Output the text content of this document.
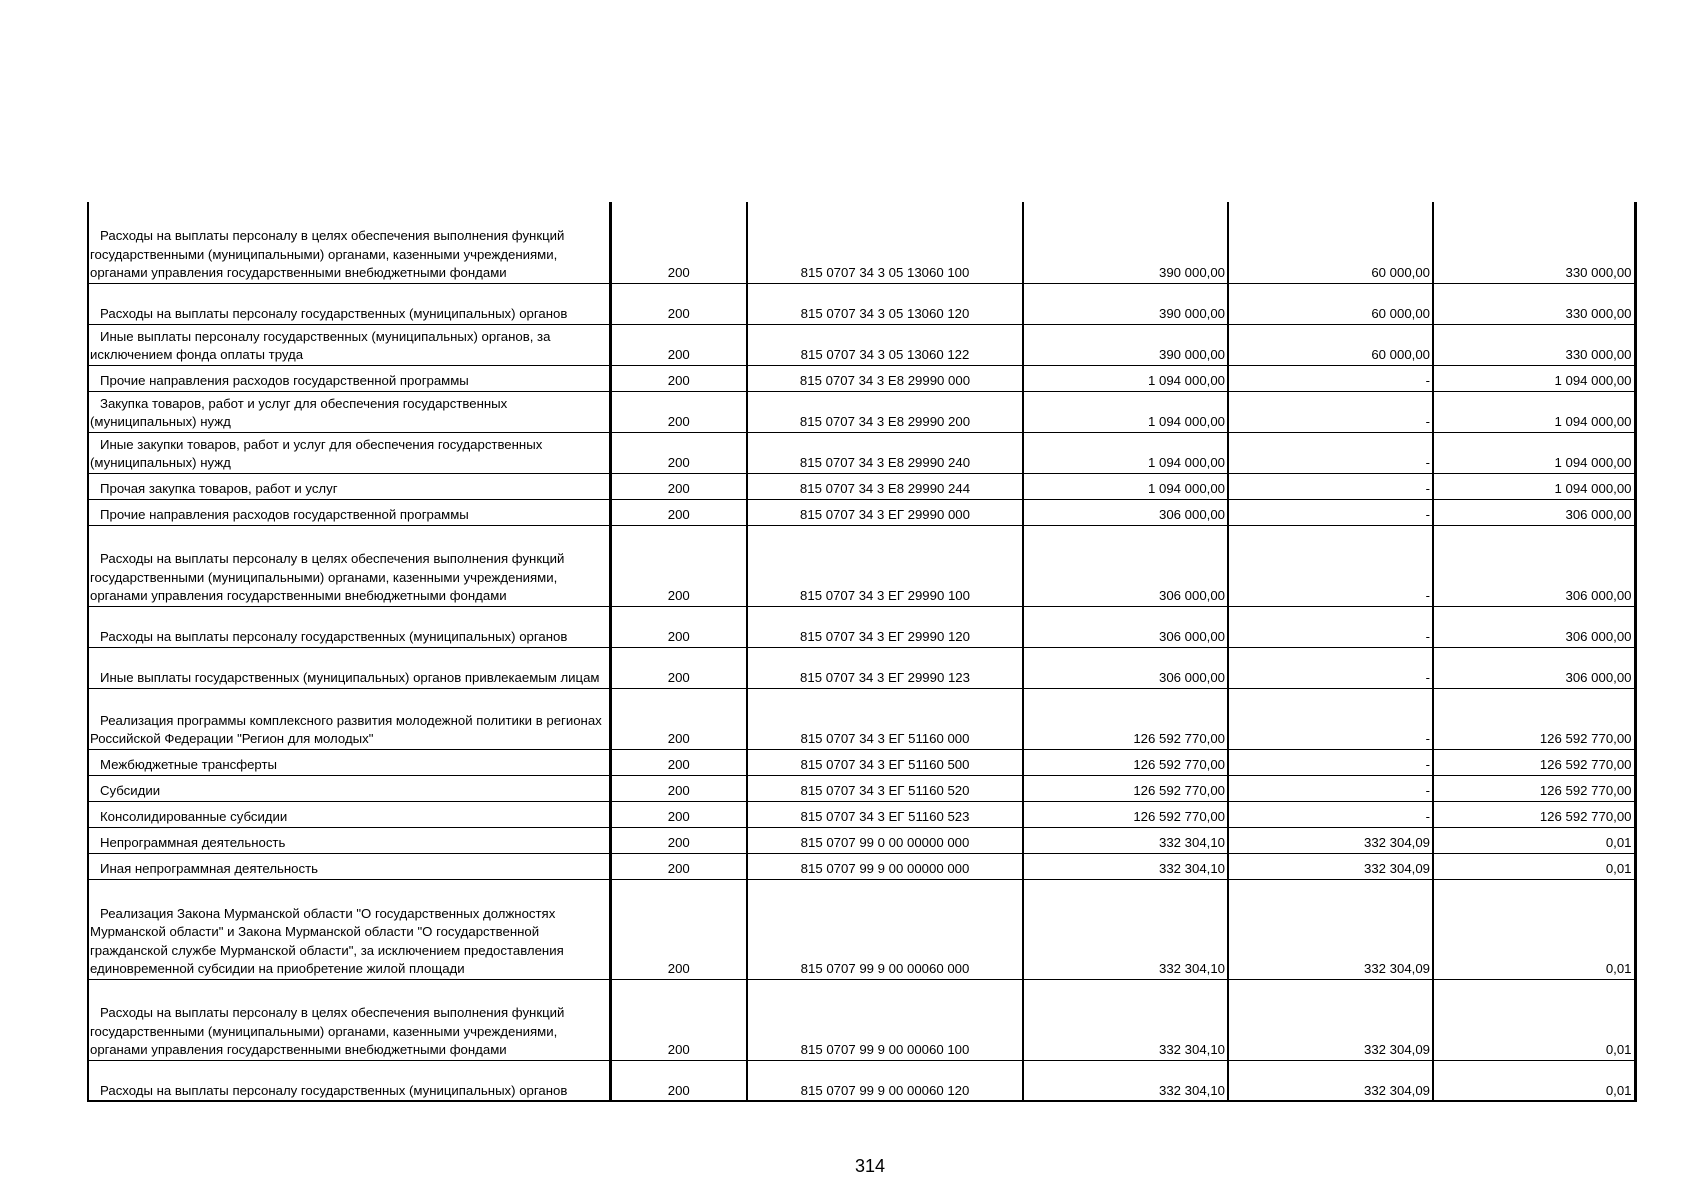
Расходы на выплаты персоналу в целях обеспечения выполнения функций государственными (муниципальными) органами, казенными учреждениями, органами управления государственными внебюджетными фондами	200	815 0707 34 3 05 13060 100	390 000,00	60 000,00	330 000,00
Расходы на выплаты персоналу государственных (муниципальных) органов	200	815 0707 34 3 05 13060 120	390 000,00	60 000,00	330 000,00
Иные выплаты персоналу государственных (муниципальных) органов, за исключением фонда оплаты труда	200	815 0707 34 3 05 13060 122	390 000,00	60 000,00	330 000,00
Прочие направления расходов государственной программы	200	815 0707 34 3 Е8 29990 000	1 094 000,00	-	1 094 000,00
Закупка товаров, работ и услуг для обеспечения государственных (муниципальных) нужд	200	815 0707 34 3 Е8 29990 200	1 094 000,00	-	1 094 000,00
Иные закупки товаров, работ и услуг для обеспечения государственных (муниципальных) нужд	200	815 0707 34 3 Е8 29990 240	1 094 000,00	-	1 094 000,00
Прочая закупка товаров, работ и услуг	200	815 0707 34 3 Е8 29990 244	1 094 000,00	-	1 094 000,00
Прочие направления расходов государственной программы	200	815 0707 34 3 ЕГ 29990 000	306 000,00	-	306 000,00
Расходы на выплаты персоналу в целях обеспечения выполнения функций государственными (муниципальными) органами, казенными учреждениями, органами управления государственными внебюджетными фондами	200	815 0707 34 3 ЕГ 29990 100	306 000,00	-	306 000,00
Расходы на выплаты персоналу государственных (муниципальных) органов	200	815 0707 34 3 ЕГ 29990 120	306 000,00	-	306 000,00
Иные выплаты государственных (муниципальных) органов привлекаемым лицам	200	815 0707 34 3 ЕГ 29990 123	306 000,00	-	306 000,00
Реализация программы комплексного развития молодежной политики в регионах Российской Федерации "Регион для молодых"	200	815 0707 34 3 ЕГ 51160 000	126 592 770,00	-	126 592 770,00
Межбюджетные трансферты	200	815 0707 34 3 ЕГ 51160 500	126 592 770,00	-	126 592 770,00
Субсидии	200	815 0707 34 3 ЕГ 51160 520	126 592 770,00	-	126 592 770,00
Консолидированные субсидии	200	815 0707 34 3 ЕГ 51160 523	126 592 770,00	-	126 592 770,00
Непрограммная деятельность	200	815 0707 99 0 00 00000 000	332 304,10	332 304,09	0,01
Иная непрограммная деятельность	200	815 0707 99 9 00 00000 000	332 304,10	332 304,09	0,01
Реализация Закона Мурманской области "О государственных должностях Мурманской области" и Закона Мурманской области "О государственной гражданской службе Мурманской области", за исключением предоставления единовременной субсидии на приобретение жилой площади	200	815 0707 99 9 00 00060 000	332 304,10	332 304,09	0,01
Расходы на выплаты персоналу в целях обеспечения выполнения функций государственными (муниципальными) органами, казенными учреждениями, органами управления государственными внебюджетными фондами	200	815 0707 99 9 00 00060 100	332 304,10	332 304,09	0,01
Расходы на выплаты персоналу государственных (муниципальных) органов	200	815 0707 99 9 00 00060 120	332 304,10	332 304,09	0,01
314
